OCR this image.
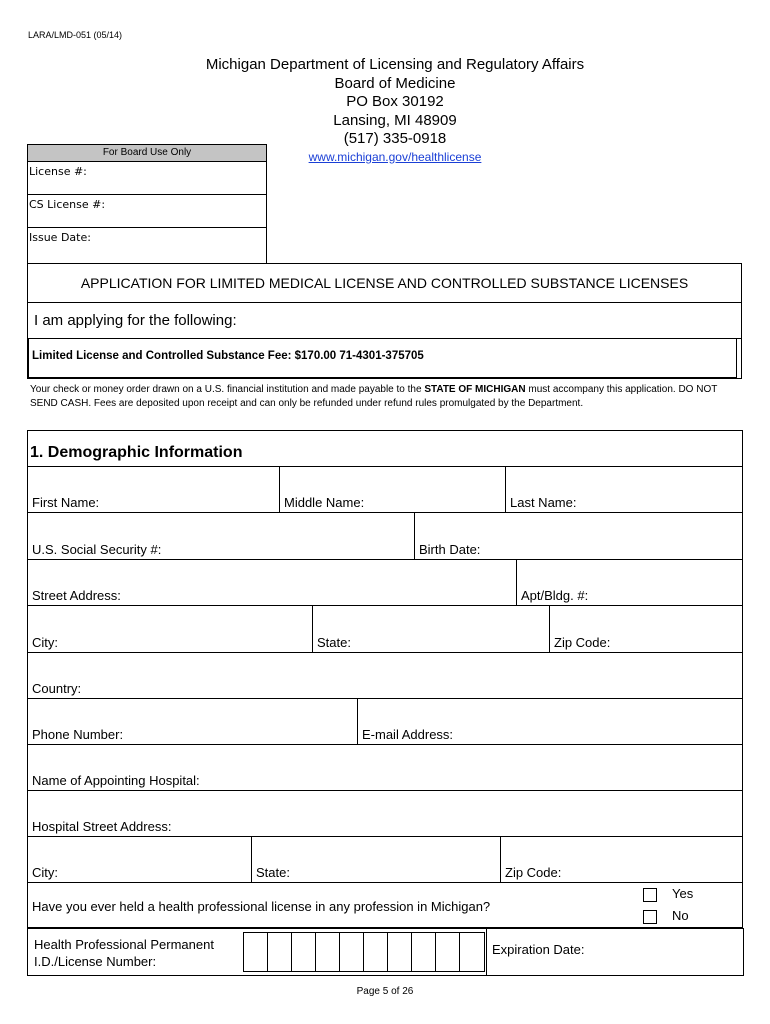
LARA/LMD-051 (05/14)
Michigan Department of Licensing and Regulatory Affairs
Board of Medicine
PO Box 30192
Lansing, MI 48909
(517) 335-0918
www.michigan.gov/healthlicense
For Board Use Only
License #:
CS License #:
Issue Date:
APPLICATION FOR LIMITED MEDICAL LICENSE AND CONTROLLED SUBSTANCE LICENSES
I am applying for the following:
Limited License and Controlled Substance Fee: $170.00 71-4301-375705
Your check or money order drawn on a U.S. financial institution and made payable to the STATE OF MICHIGAN must accompany this application. DO NOT SEND CASH. Fees are deposited upon receipt and can only be refunded under refund rules promulgated by the Department.
1. Demographic Information
First Name:	Middle Name:	Last Name:
U.S. Social Security #:	Birth Date:
Street Address:	Apt/Bldg. #:
City:	State:	Zip Code:
Country:
Phone Number:	E-mail Address:
Name of Appointing Hospital:
Hospital Street Address:
City:	State:	Zip Code:
Have you ever held a health professional license in any profession in Michigan?
Yes
No
Health Professional Permanent
I.D./License Number:
Expiration Date:
Page 5 of 26
